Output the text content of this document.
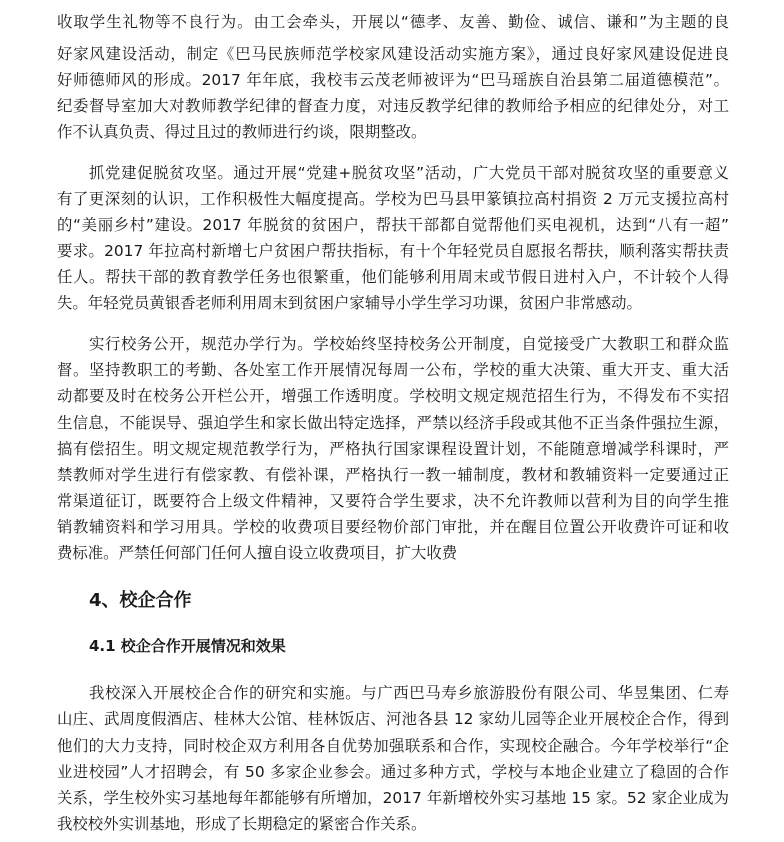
收取学生礼物等不良行为。由工会牵头，开展以“德孝、友善、勤俭、诚信、谦和”为主题的良
好家风建设活动，制定《巴马民族师范学校家风建设活动实施方案》，通过良好家风建设促进良
好师德师风的形成。2017 年年底，我校韦云茂老师被评为“巴马瑶族自治县第二届道德模范”。
纪委督导室加大对教师教学纪律的督查力度，对违反教学纪律的教师给予相应的纪律处分，对工
作不认真负责、得过且过的教师进行约谈，限期整改。
抓党建促脱贫攻坚。通过开展“党建+脱贫攻坚”活动，广大党员干部对脱贫攻坚的重要意义
有了更深刻的认识，工作积极性大幅度提高。学校为巴马县甲篆镇拉高村捐资 2 万元支援拉高村
的“美丽乡村”建设。2017 年脱贫的贫困户，帮扶干部都自觉帮他们买电视机，达到“八有一超”
要求。2017 年拉高村新增七户贫困户帮扶指标，有十个年轻党员自愿报名帮扶，顺利落实帮扶责
任人。帮扶干部的教育教学任务也很繁重，他们能够利用周末或节假日进村入户，不计较个人得
失。年轻党员黄银香老师利用周末到贫困户家辅导小学生学习功课，贫困户非常感动。
实行校务公开，规范办学行为。学校始终坚持校务公开制度，自觉接受广大教职工和群众监
督。坚持教职工的考勤、各处室工作开展情况每周一公布，学校的重大决策、重大开支、重大活
动都要及时在校务公开栏公开，增强工作透明度。学校明文规定规范招生行为，不得发布不实招
生信息，不能误导、强迫学生和家长做出特定选择，严禁以经济手段或其他不正当条件强拉生源，
搞有偿招生。明文规定规范教学行为，严格执行国家课程设置计划，不能随意增减学科课时，严
禁教师对学生进行有偿家教、有偿补课，严格执行一教一辅制度，教材和教辅资料一定要通过正
常渠道征订，既要符合上级文件精神，又要符合学生要求，决不允许教师以营利为目的向学生推
销教辅资料和学习用具。学校的收费项目要经物价部门审批，并在醒目位置公开收费许可证和收
费标准。严禁任何部门任何人擅自设立收费项目，扩大收费
4、校企合作
4.1 校企合作开展情况和效果
我校深入开展校企合作的研究和实施。与广西巴马寿乡旅游股份有限公司、华昱集团、仁寿
山庄、武周度假酒店、桂林大公馆、桂林饭店、河池各县 12 家幼儿园等企业开展校企合作，得到
他们的大力支持，同时校企双方利用各自优势加强联系和合作，实现校企融合。今年学校举行“企
业进校园”人才招聘会，有 50 多家企业参会。通过多种方式，学校与本地企业建立了稳固的合作
关系，学生校外实习基地每年都能够有所增加，2017 年新增校外实习基地 15 家。52 家企业成为
我校校外实训基地，形成了长期稳定的紧密合作关系。
